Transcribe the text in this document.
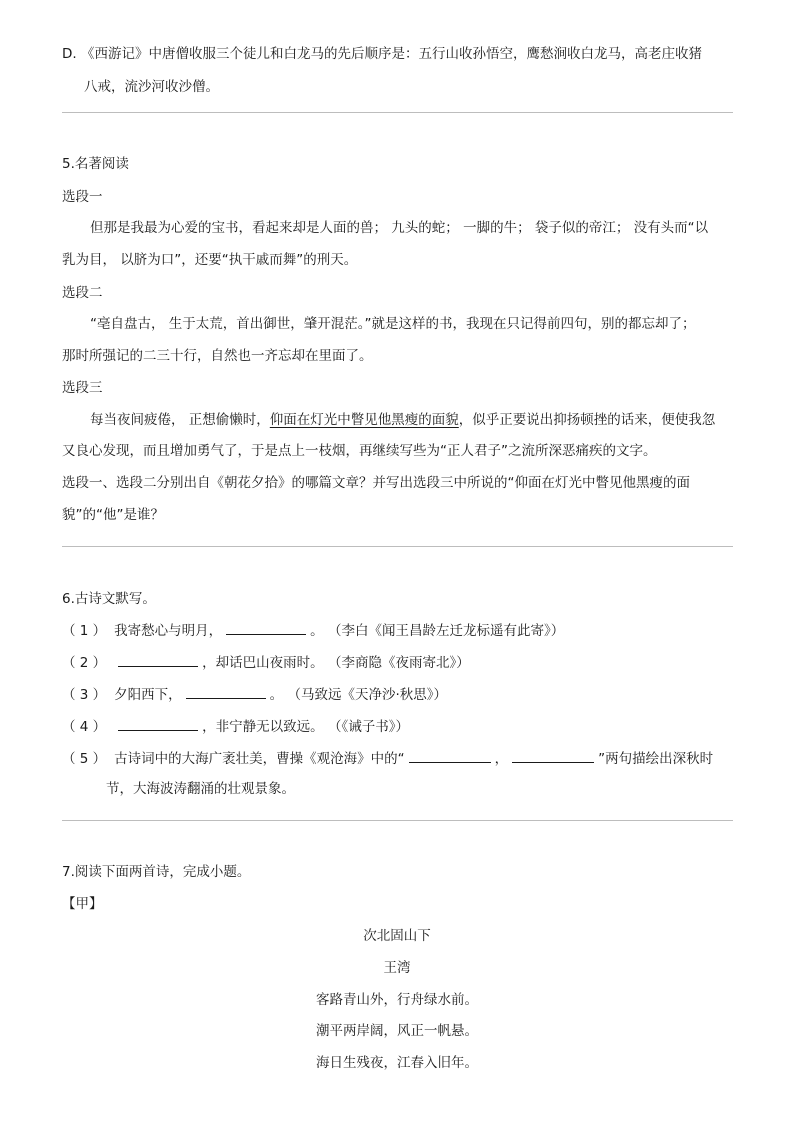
D. 《西游记》中唐僧收服三个徒儿和白龙马的先后顺序是：五行山收孙悟空，鹰愁涧收白龙马，高老庄收猪
八戒，流沙河收沙僧。
5.名著阅读
选段一
但那是我最为心爱的宝书，看起来却是人面的兽； 九头的蛇； 一脚的牛； 袋子似的帝江； 没有头而“以
乳为目， 以脐为口”，还要“执干戚而舞”的刑天。
选段二
“亳自盘古， 生于太荒，首出御世，肇开混茫。”就是这样的书，我现在只记得前四句，别的都忘却了；
那时所强记的二三十行，自然也一齐忘却在里面了。
选段三
每当夜间疲倦， 正想偷懒时，仰面在灯光中瞥见他黑瘦的面貌，似乎正要说出抑扬顿挫的话来，便使我忽
又良心发现，而且增加勇气了，于是点上一枝烟，再继续写些为“正人君子”之流所深恶痛疾的文字。
选段一、选段二分别出自《朝花夕拾》的哪篇文章？并写出选段三中所说的“仰面在灯光中瞥见他黑瘦的面
貌”的“他”是谁？
6.古诗文默写。
（ 1 ） 我寄愁心与明月，	。 （李白《闻王昌龄左迁龙标遥有此寄》）
（ 2 ）	，却话巴山夜雨时。 （李商隐《夜雨寄北》）
（ 3 ） 夕阳西下，	。 （马致远《天净沙·秋思》）
（ 4 ）	，非宁静无以致远。 （《诫子书》）
（ 5 ） 古诗词中的大海广袤壮美，曹操《观沧海》中的“	，	”两句描绘出深秋时
节，大海波涛翻涌的壮观景象。
7.阅读下面两首诗，完成小题。
【甲】
次北固山下
王湾
客路青山外，行舟绿水前。
潮平两岸阔，风正一帆悬。
海日生残夜，江春入旧年。
